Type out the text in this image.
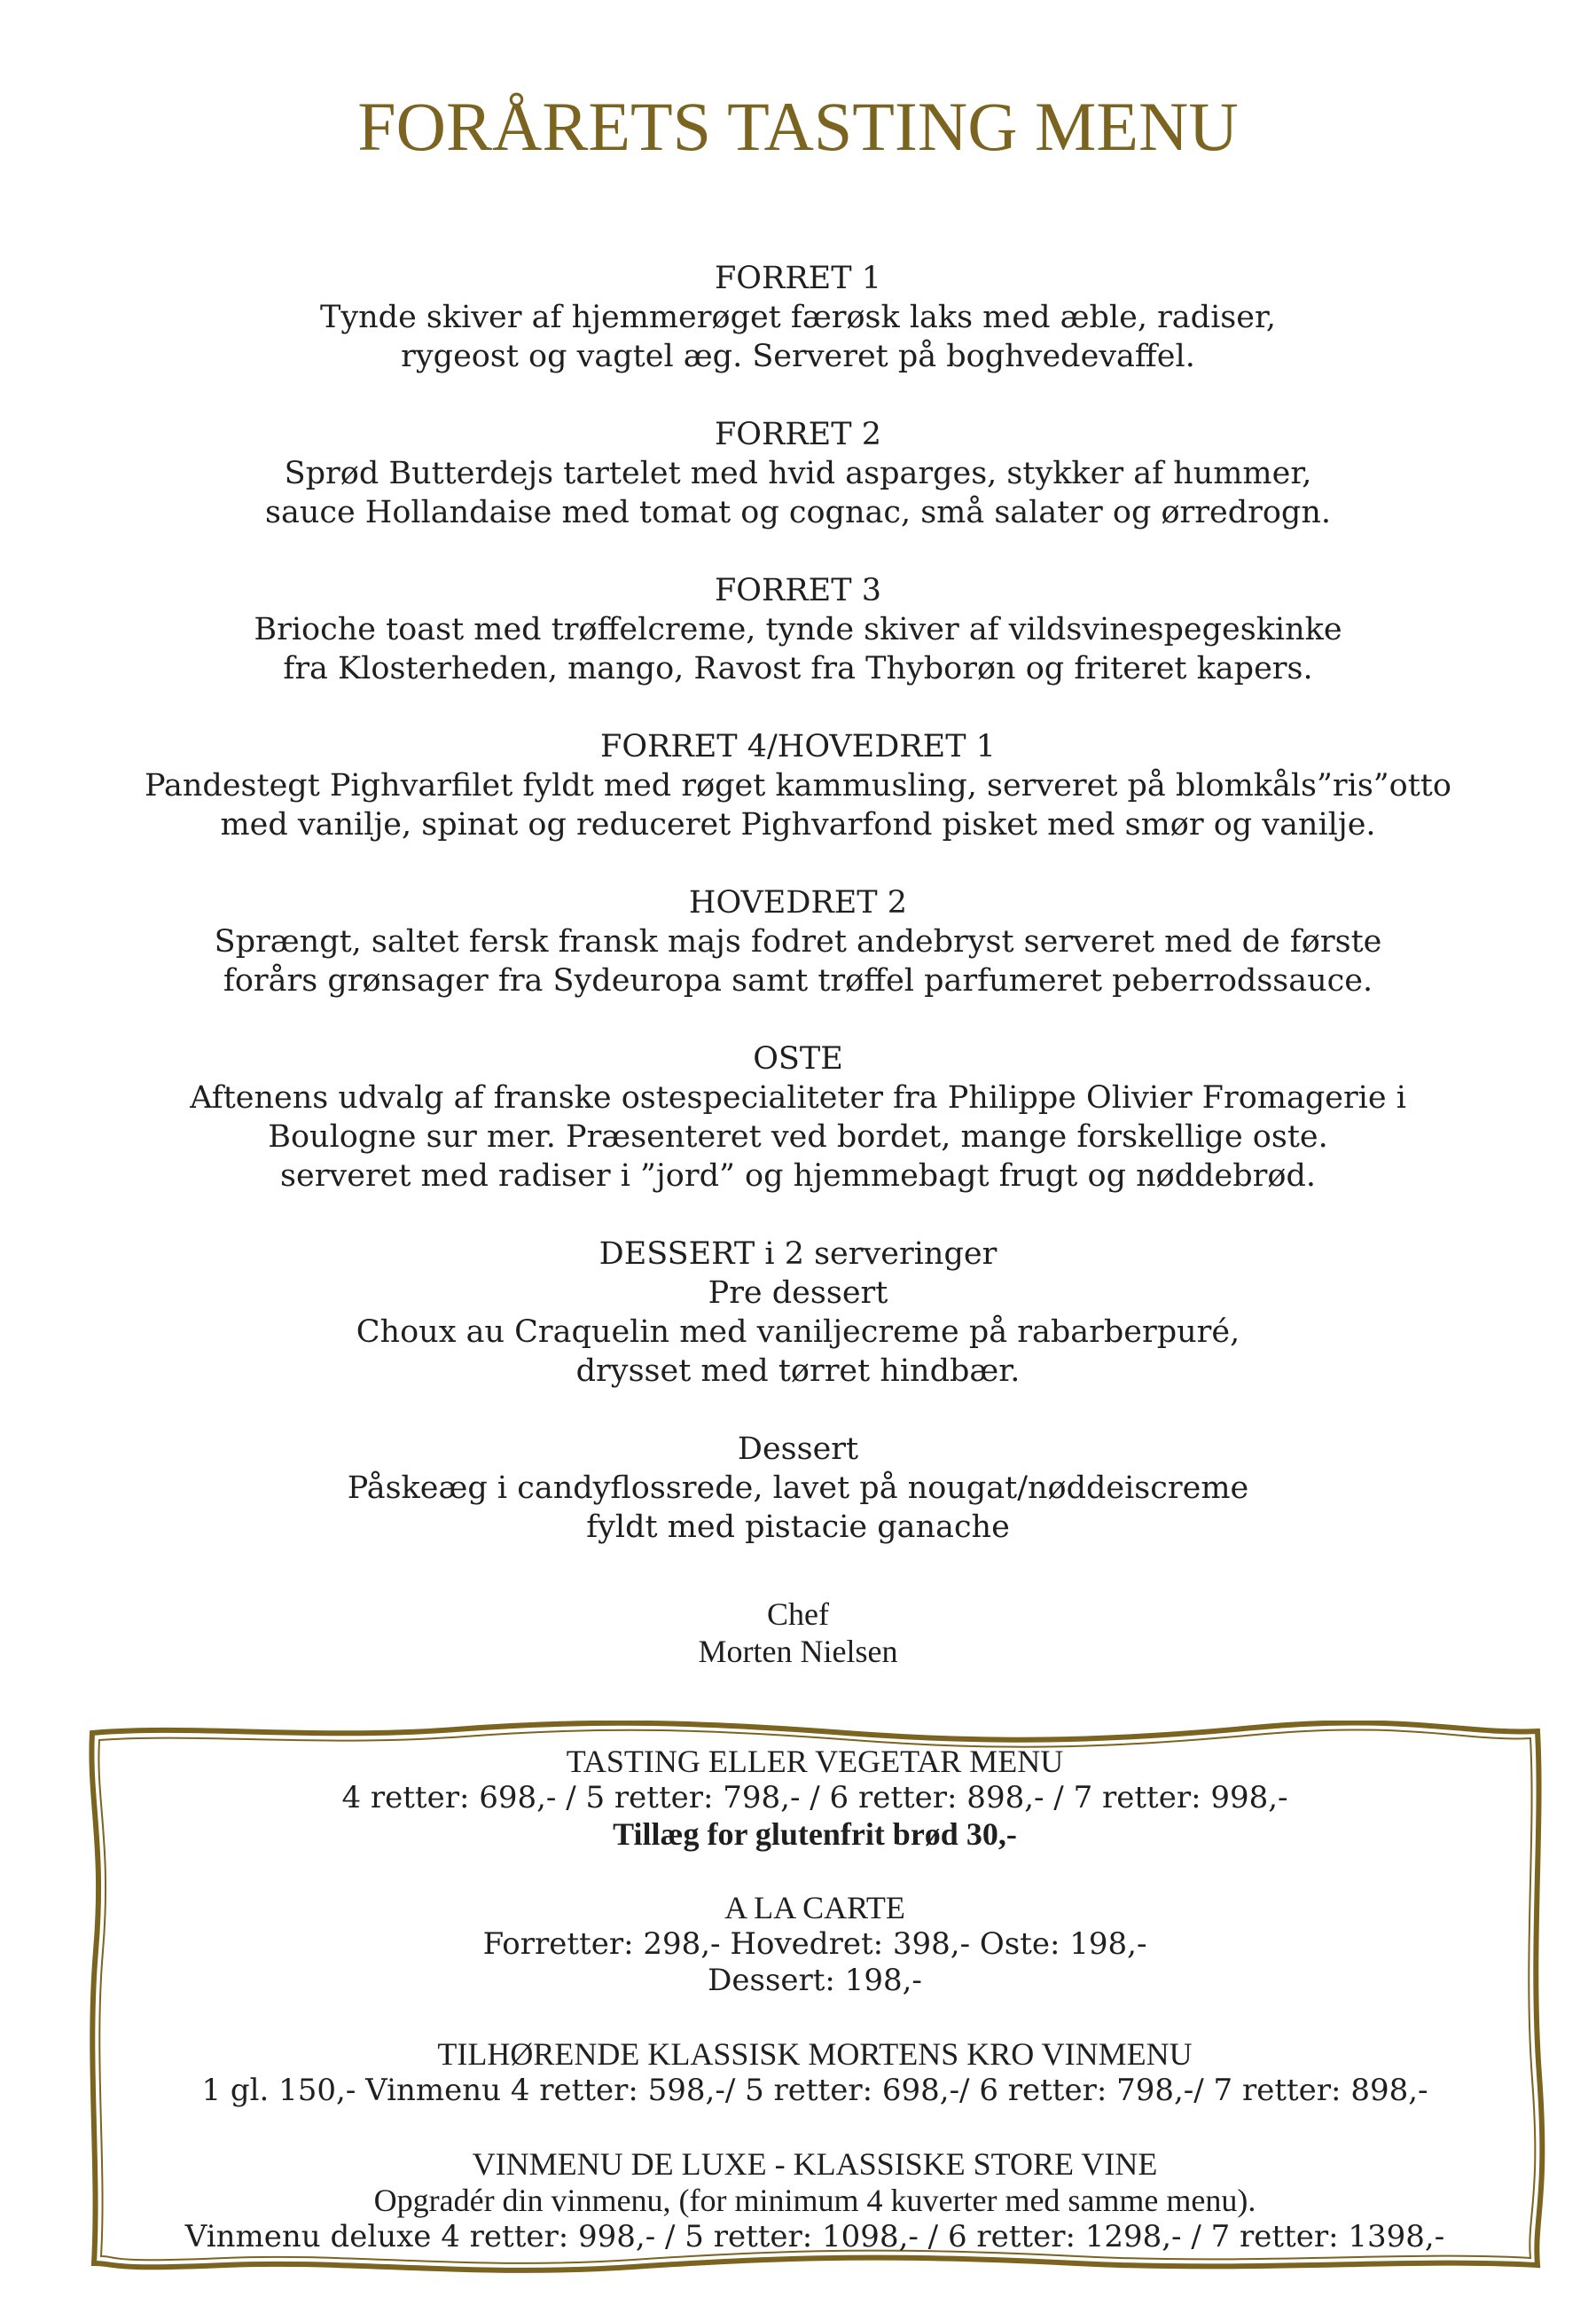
FORÅRETS TASTING MENU
FORRET 1
Tynde skiver af hjemmerøget færøsk laks med æble, radiser,
rygeost og vagtel æg. Serveret på boghvedevaffel.
FORRET 2
Sprød Butterdejs tartelet med hvid asparges, stykker af hummer,
sauce Hollandaise med tomat og cognac, små salater og ørredrogn.
FORRET 3
Brioche toast med trøffelcreme, tynde skiver af vildsvinespegeskinke
fra Klosterheden, mango, Ravost fra Thyborøn og friteret kapers.
FORRET 4/HOVEDRET 1
Pandestegt Pighvarfilet fyldt med røget kammusling, serveret på blomkåls”ris”otto
med vanilje, spinat og reduceret Pighvarfond pisket med smør og vanilje.
HOVEDRET 2
Sprængt, saltet fersk fransk majs fodret andebryst serveret med de første
forårs grønsager fra Sydeuropa samt trøffel parfumeret peberrodssauce.
OSTE
Aftenens udvalg af franske ostespecialiteter fra Philippe Olivier Fromagerie i
Boulogne sur mer. Præsenteret ved bordet, mange forskellige oste.
serveret med radiser i ”jord” og hjemmebagt frugt og nøddebrød.
DESSERT i 2 serveringer
Pre dessert
Choux au Craquelin med vaniljecreme på rabarberpuré,
drysset med tørret hindbær.
Dessert
Påskeæg i candyflossrede, lavet på nougat/nøddeiscreme
fyldt med pistacie ganache
Chef
Morten Nielsen
TASTING ELLER VEGETAR MENU
4 retter: 698,- / 5 retter: 798,- / 6 retter: 898,- / 7 retter: 998,-
Tillæg for glutenfrit brød 30,-
A LA CARTE
Forretter: 298,- Hovedret: 398,- Oste: 198,-
Dessert: 198,-
TILHØRENDE KLASSISK MORTENS KRO VINMENU
1 gl. 150,- Vinmenu 4 retter: 598,-/ 5 retter: 698,-/ 6 retter: 798,-/ 7 retter: 898,-
VINMENU DE LUXE - KLASSISKE STORE VINE
Opgradér din vinmenu, (for minimum 4 kuverter med samme menu).
Vinmenu deluxe 4 retter: 998,- / 5 retter: 1098,- / 6 retter: 1298,- / 7 retter: 1398,-
